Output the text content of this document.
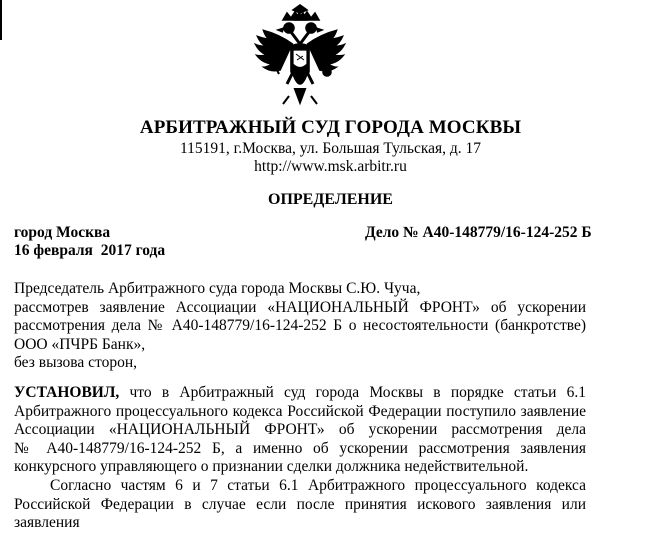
АРБИТРАЖНЫЙ СУД ГОРОДА МОСКВЫ
115191, г.Москва, ул. Большая Тульская, д. 17
http://www.msk.arbitr.ru
ОПРЕДЕЛЕНИЕ
город Москва
16 февраля  2017 года
Дело № А40-148779/16-124-252 Б
Председатель Арбитражного суда города Москвы С.Ю. Чуча,
рассмотрев заявление Ассоциации «НАЦИОНАЛЬНЫЙ ФРОНТ» об ускорении
рассмотрения дела № А40-148779/16-124-252 Б о несостоятельности (банкротстве)
ООО «ПЧРБ Банк»,
без вызова сторон,
УСТАНОВИЛ, что в Арбитражный суд города Москвы в порядке статьи 6.1
Арбитражного процессуального кодекса Российской Федерации поступило заявление
Ассоциации «НАЦИОНАЛЬНЫЙ ФРОНТ» об ускорении рассмотрения дела
№ А40-148779/16-124-252 Б, а именно об ускорении рассмотрения заявления
конкурсного управляющего о признании сделки должника недействительной.
Согласно частям 6 и 7 статьи 6.1 Арбитражного процессуального кодекса
Российской Федерации в случае если после принятия искового заявления или заявления
